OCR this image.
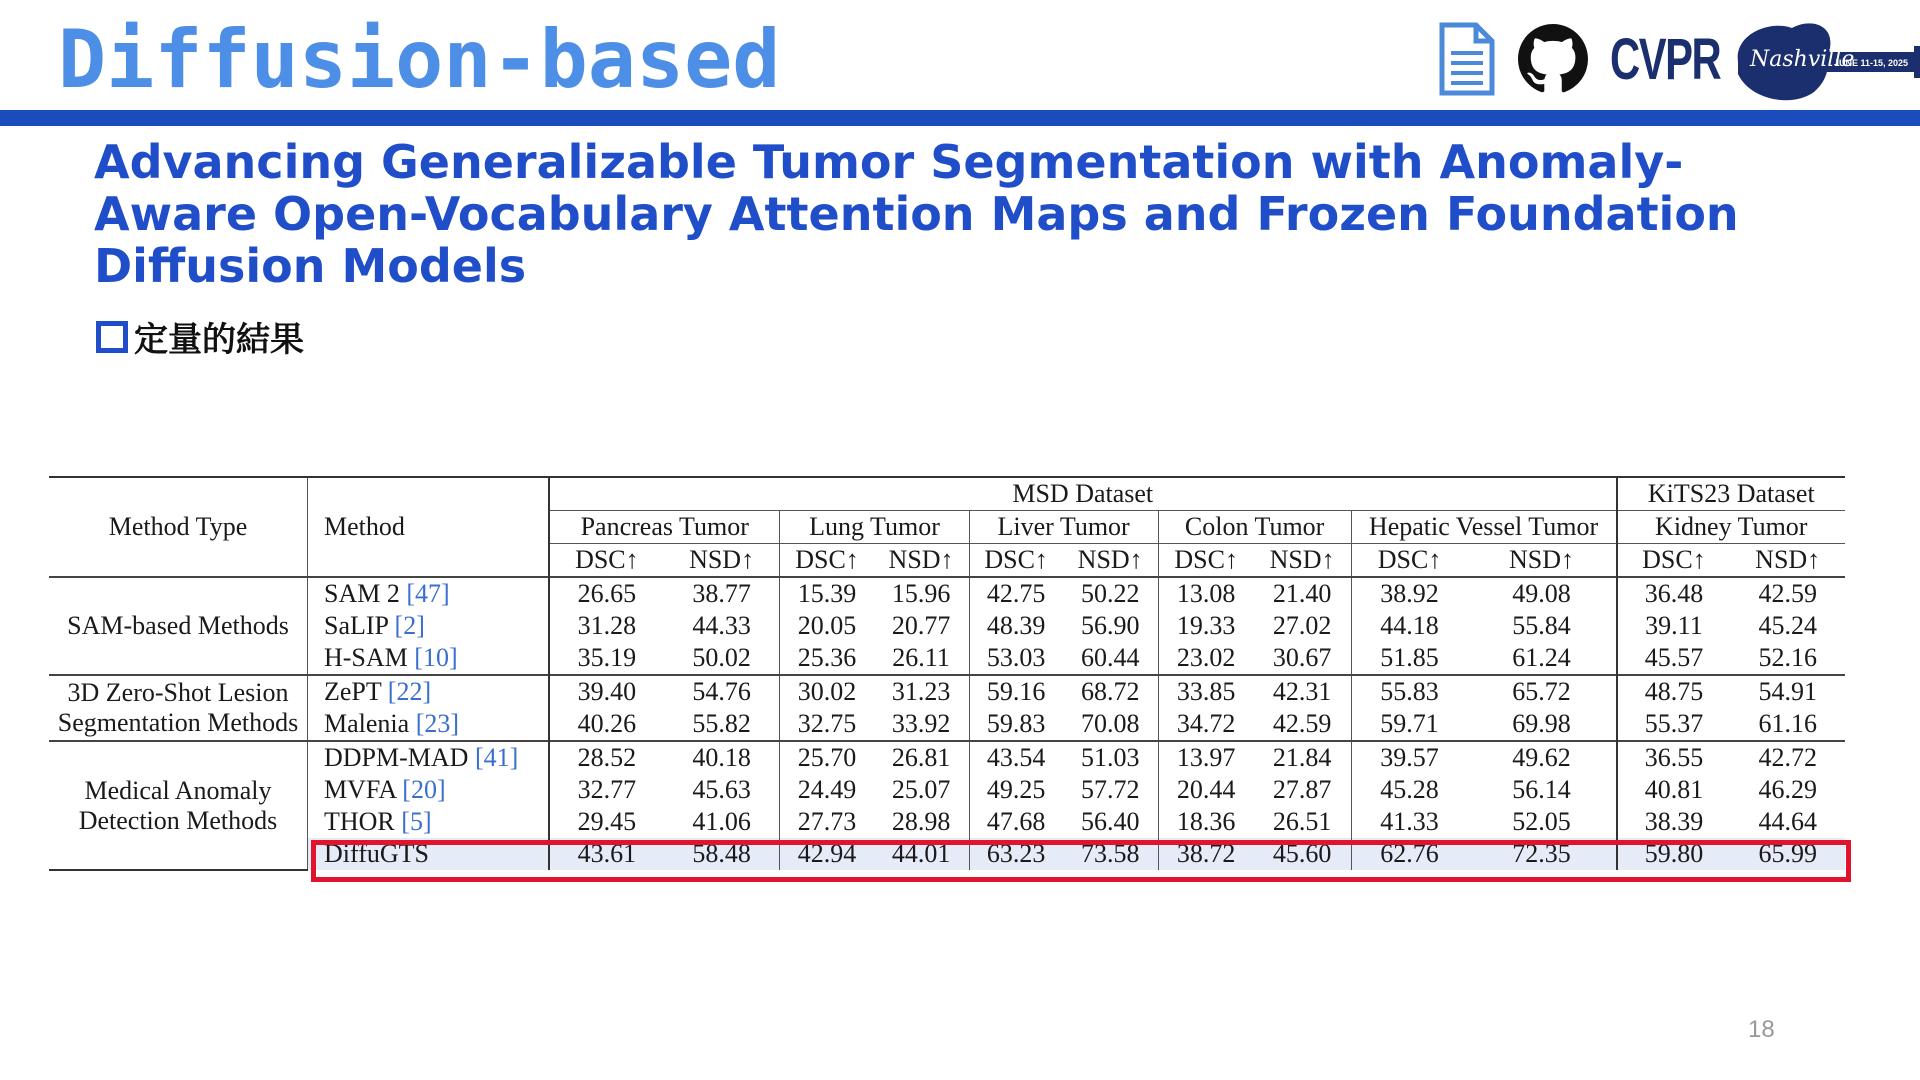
Diffusion-based	CVPR Nashville
JUNE 11-15, 2025

Advancing Generalizable Tumor Segmentation with Anomaly-Aware Open-Vocabulary Attention Maps and Frozen Foundation Diffusion Models

定量的結果
Method Type	Method	MSD Dataset										KiTS23 Dataset	
		Pancreas Tumor		Lung Tumor		Liver Tumor		Colon Tumor		Hepatic Vessel Tumor		Kidney Tumor	
		DSC↑	NSD↑	DSC↑	NSD↑	DSC↑	NSD↑	DSC↑	NSD↑	DSC↑	NSD↑	DSC↑	NSD↑
SAM-based Methods	SAM 2 [47]	26.65	38.77	15.39	15.96	42.75	50.22	13.08	21.40	38.92	49.08	36.48	42.59
	SaLIP [2]	31.28	44.33	20.05	20.77	48.39	56.90	19.33	27.02	44.18	55.84	39.11	45.24
	H-SAM [10]	35.19	50.02	25.36	26.11	53.03	60.44	23.02	30.67	51.85	61.24	45.57	52.16
3D Zero-Shot Lesion
Segmentation Methods	ZePT [22]	39.40	54.76	30.02	31.23	59.16	68.72	33.85	42.31	55.83	65.72	48.75	54.91
	Malenia [23]	40.26	55.82	32.75	33.92	59.83	70.08	34.72	42.59	59.71	69.98	55.37	61.16
Medical Anomaly
Detection Methods	DDPM-MAD [41]	28.52	40.18	25.70	26.81	43.54	51.03	13.97	21.84	39.57	49.62	36.55	42.72
	MVFA [20]	32.77	45.63	24.49	25.07	49.25	57.72	20.44	27.87	45.28	56.14	40.81	46.29
	THOR [5]	29.45	41.06	27.73	28.98	47.68	56.40	18.36	26.51	41.33	52.05	38.39	44.64
	DiffuGTS	43.61	58.48	42.94	44.01	63.23	73.58	38.72	45.60	62.76	72.35	59.80	65.99
18
